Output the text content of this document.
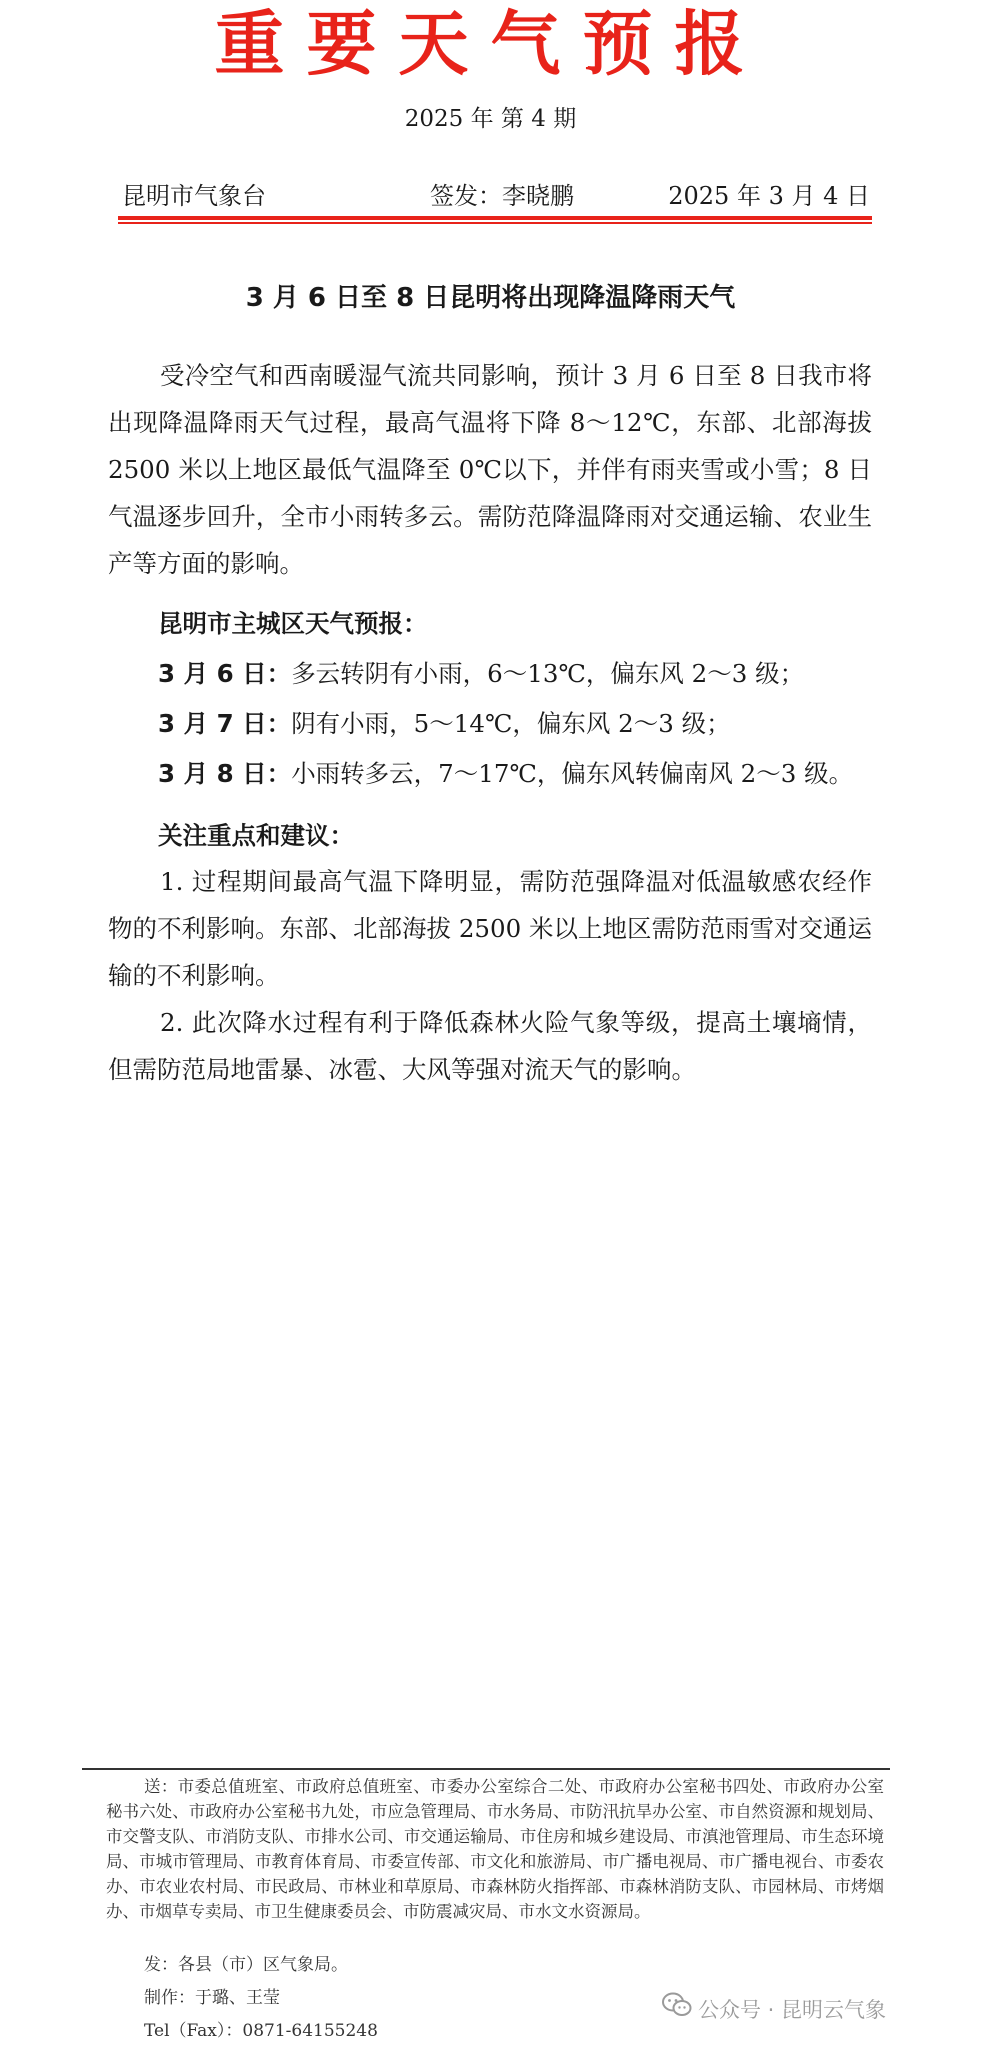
重要天气预报
2025 年 第 4 期
昆明市气象台	签发：李晓鹏	2025 年 3 月 4 日
3 月 6 日至 8 日昆明将出现降温降雨天气

受冷空气和西南暖湿气流共同影响，预计 3 月 6 日至 8 日我市将出现降温降雨天气过程，最高气温将下降 8～12℃，东部、北部海拔 2500 米以上地区最低气温降至 0℃以下，并伴有雨夹雪或小雪；8 日气温逐步回升，全市小雨转多云。需防范降温降雨对交通运输、农业生产等方面的影响。

昆明市主城区天气预报：
3 月 6 日：多云转阴有小雨，6～13℃，偏东风 2～3 级；
3 月 7 日：阴有小雨，5～14℃，偏东风 2～3 级；
3 月 8 日：小雨转多云，7～17℃，偏东风转偏南风 2～3 级。
关注重点和建议：

1. 过程期间最高气温下降明显，需防范强降温对低温敏感农经作物的不利影响。东部、北部海拔 2500 米以上地区需防范雨雪对交通运输的不利影响。

2. 此次降水过程有利于降低森林火险气象等级，提高土壤墒情，但需防范局地雷暴、冰雹、大风等强对流天气的影响。

送：市委总值班室、市政府总值班室、市委办公室综合二处、市政府办公室秘书四处、市政府办公室秘书六处、市政府办公室秘书九处，市应急管理局、市水务局、市防汛抗旱办公室、市自然资源和规划局、市交警支队、市消防支队、市排水公司、市交通运输局、市住房和城乡建设局、市滇池管理局、市生态环境局、市城市管理局、市教育体育局、市委宣传部、市文化和旅游局、市广播电视局、市广播电视台、市委农办、市农业农村局、市民政局、市林业和草原局、市森林防火指挥部、市森林消防支队、市园林局、市烤烟办、市烟草专卖局、市卫生健康委员会、市防震减灾局、市水文水资源局。

发：各县（市）区气象局。
制作：于璐、王莹
Tel（Fax）：0871-64155248
公众号 · 昆明云气象
